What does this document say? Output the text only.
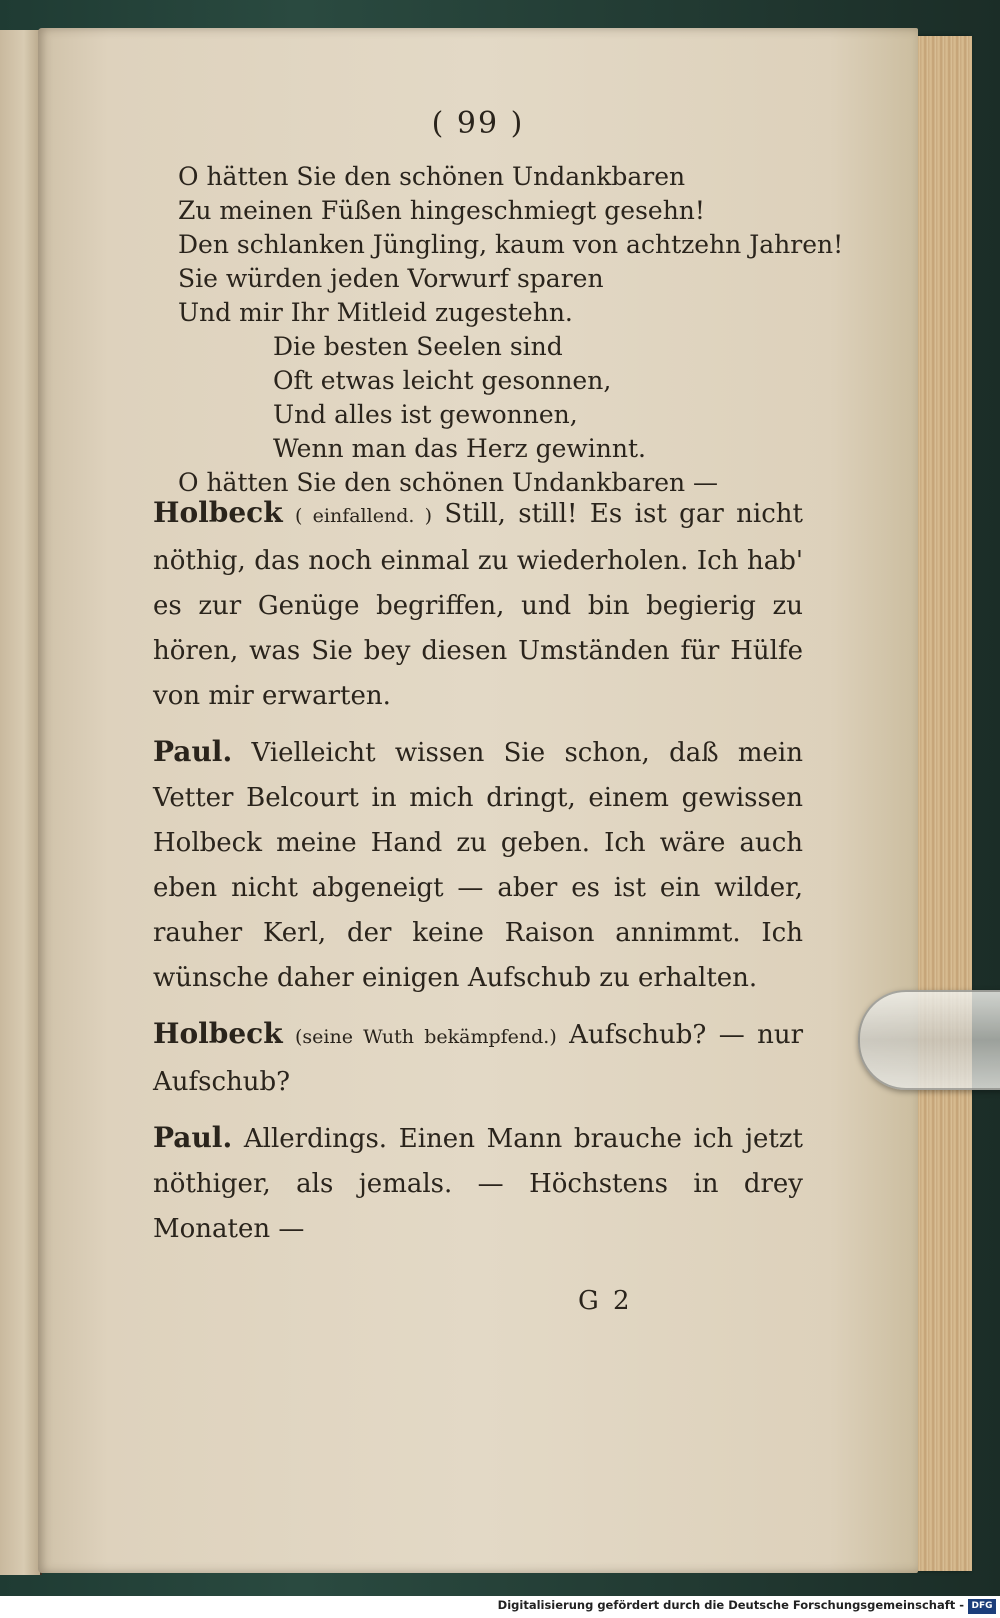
( 99 )
O hätten Sie den schönen Undankbaren
Zu meinen Füßen hingeschmiegt gesehn!
Den schlanken Jüngling, kaum von achtzehn Jahren!
Sie würden jeden Vorwurf sparen
Und mir Ihr Mitleid zugestehn.
Die besten Seelen sind
Oft etwas leicht gesonnen,
Und alles ist gewonnen,
Wenn man das Herz gewinnt.
O hätten Sie den schönen Undankbaren —

Holbeck ( einfallend. ) Still, still! Es ist gar nicht nöthig, das noch einmal zu wiederholen. Ich hab' es zur Genüge begriffen, und bin begierig zu hören, was Sie bey diesen Umständen für Hülfe von mir erwarten.

Paul. Vielleicht wissen Sie schon, daß mein Vetter Belcourt in mich dringt, einem gewissen Holbeck meine Hand zu geben. Ich wäre auch eben nicht abgeneigt — aber es ist ein wilder, rauher Kerl, der keine Raison annimmt. Ich wünsche daher einigen Aufschub zu erhalten.

Holbeck (seine Wuth bekämpfend.) Aufschub? — nur Aufschub?

Paul. Allerdings. Einen Mann brauche ich jetzt nöthiger, als jemals. — Höchstens in drey Monaten —

G 2
Digitalisierung gefördert durch die Deutsche Forschungsgemeinschaft - DFG
